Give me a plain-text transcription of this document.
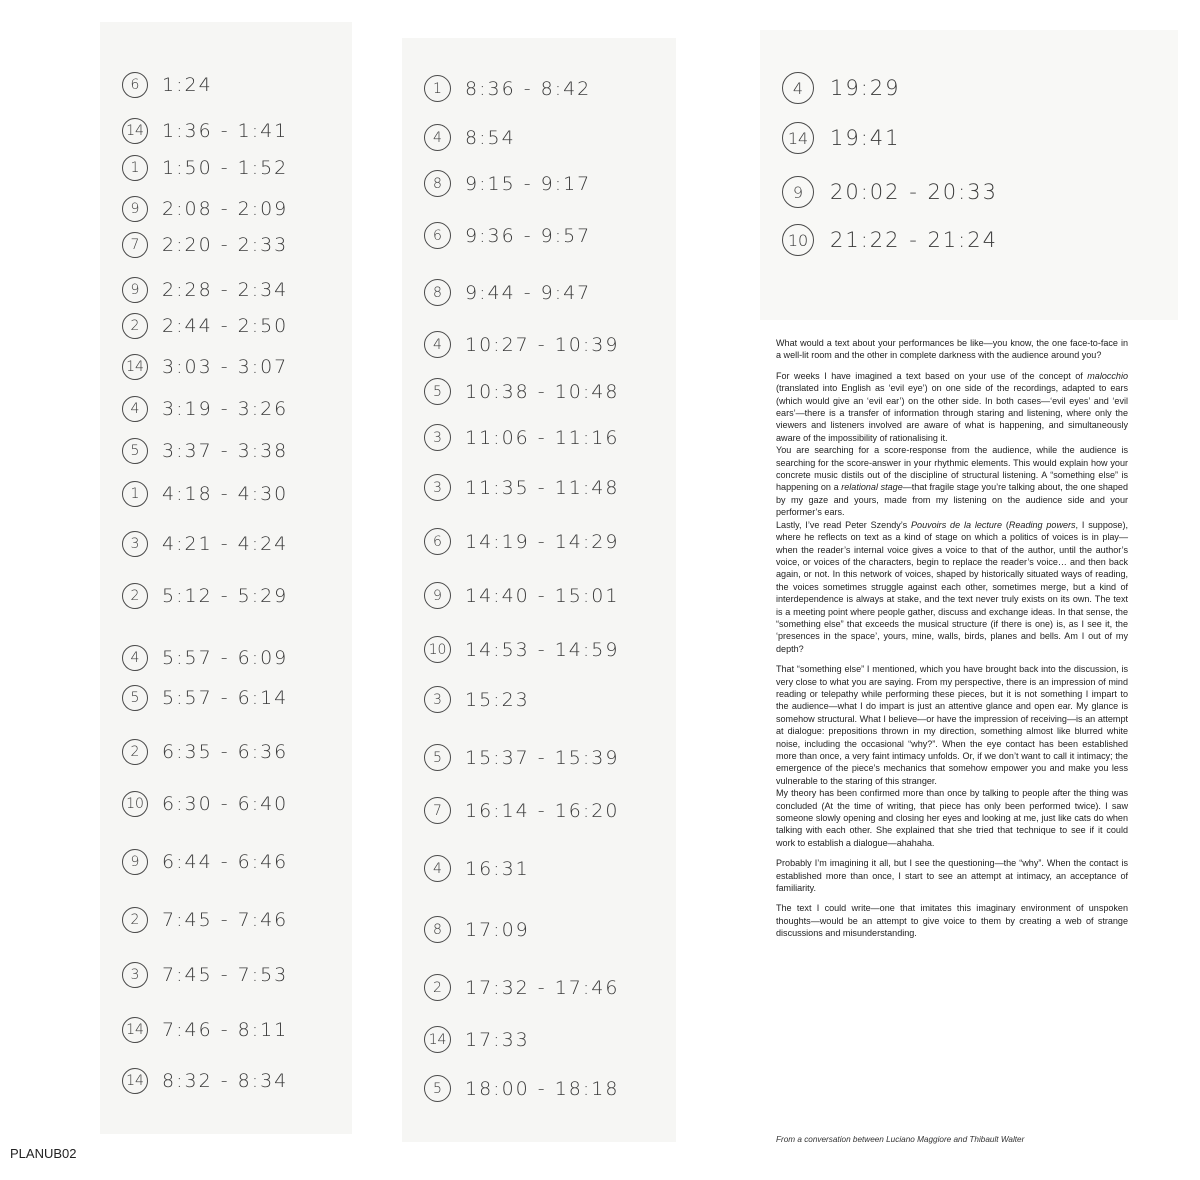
6	1:24
14 1:36 - 1:41
1	1:50 - 1:52
9	2:08 - 2:09
7	2:20 - 2:33
9	2:28 - 2:34
2	2:44 - 2:50
14 3:03 - 3:07
4	3:19 - 3:26
5	3:37 - 3:38
1	4:18 - 4:30
3	4:21 - 4:24
2	5:12 - 5:29
4	5:57 - 6:09
5	5:57 - 6:14
2	6:35 - 6:36
10 6:30 - 6:40
9	6:44 - 6:46
2	7:45 - 7:46
3	7:45 - 7:53
14 7:46 - 8:11
14 8:32 - 8:34
1	8:36 - 8:42
4	8:54
8	9:15 - 9:17
6	9:36 - 9:57
8	9:44 - 9:47
4	10:27 - 10:39
5	10:38 - 10:48
3	11:06 - 11:16
3	11:35 - 11:48
6	14:19 - 14:29
9	14:40 - 15:01
10 14:53 - 14:59
3	15:23
5	15:37 - 15:39
7	16:14 - 16:20
4	16:31
8	17:09
2	17:32 - 17:46
14 17:33
5	18:00 - 18:18
4	19:29
14 19:41
9	20:02 - 20:33
10 21:22 - 21:24

What would a text about your performances be like—you know, the one face-to-face in a well-lit room and the other in complete darkness with the audience around you?

For weeks I have imagined a text based on your use of the concept of malocchio (translated into English as ‘evil eye’) on one side of the recordings, adapted to ears (which would give an ‘evil ear’) on the other side. In both cases—‘evil eyes’ and ‘evil ears’—there is a transfer of information through staring and listening, where only the viewers and listeners involved are aware of what is happening, and simultaneously aware of the impossibility of rationalising it.

You are searching for a score-response from the audience, while the audience is searching for the score-answer in your rhythmic elements. This would explain how your concrete music distils out of the discipline of structural listening. A “something else” is happening on a relational stage—that fragile stage you’re talking about, the one shaped by my gaze and yours, made from my listening on the audience side and your performer’s ears.

Lastly, I’ve read Peter Szendy’s Pouvoirs de la lecture (Reading powers, I suppose), where he reflects on text as a kind of stage on which a politics of voices is in play—when the reader’s internal voice gives a voice to that of the author, until the author’s voice, or voices of the characters, begin to replace the reader’s voice… and then back again, or not. In this network of voices, shaped by historically situated ways of reading, the voices sometimes struggle against each other, sometimes merge, but a kind of interdependence is always at stake, and the text never truly exists on its own. The text is a meeting point where people gather, discuss and exchange ideas. In that sense, the “something else” that exceeds the musical structure (if there is one) is, as I see it, the ‘presences in the space’, yours, mine, walls, birds, planes and bells. Am I out of my depth?

That “something else” I mentioned, which you have brought back into the discussion, is very close to what you are saying. From my perspective, there is an impression of mind reading or telepathy while performing these pieces, but it is not something I impart to the audience—what I do impart is just an attentive glance and open ear. My glance is somehow structural. What I believe—or have the impression of receiving—is an attempt at dialogue: prepositions thrown in my direction, something almost like blurred white noise, including the occasional “why?”. When the eye contact has been established more than once, a very faint intimacy unfolds. Or, if we don’t want to call it intimacy; the emergence of the piece’s mechanics that somehow empower you and make you less vulnerable to the staring of this stranger.

My theory has been confirmed more than once by talking to people after the thing was concluded (At the time of writing, that piece has only been performed twice). I saw someone slowly opening and closing her eyes and looking at me, just like cats do when talking with each other. She explained that she tried that technique to see if it could work to establish a dialogue—ahahaha.

Probably I’m imagining it all, but I see the questioning—the “why”. When the contact is established more than once, I start to see an attempt at intimacy, an acceptance of familiarity.

The text I could write—one that imitates this imaginary environment of unspoken thoughts—would be an attempt to give voice to them by creating a web of strange discussions and misunderstanding.

From a conversation between Luciano Maggiore and Thibault Walter
PLANUB02
